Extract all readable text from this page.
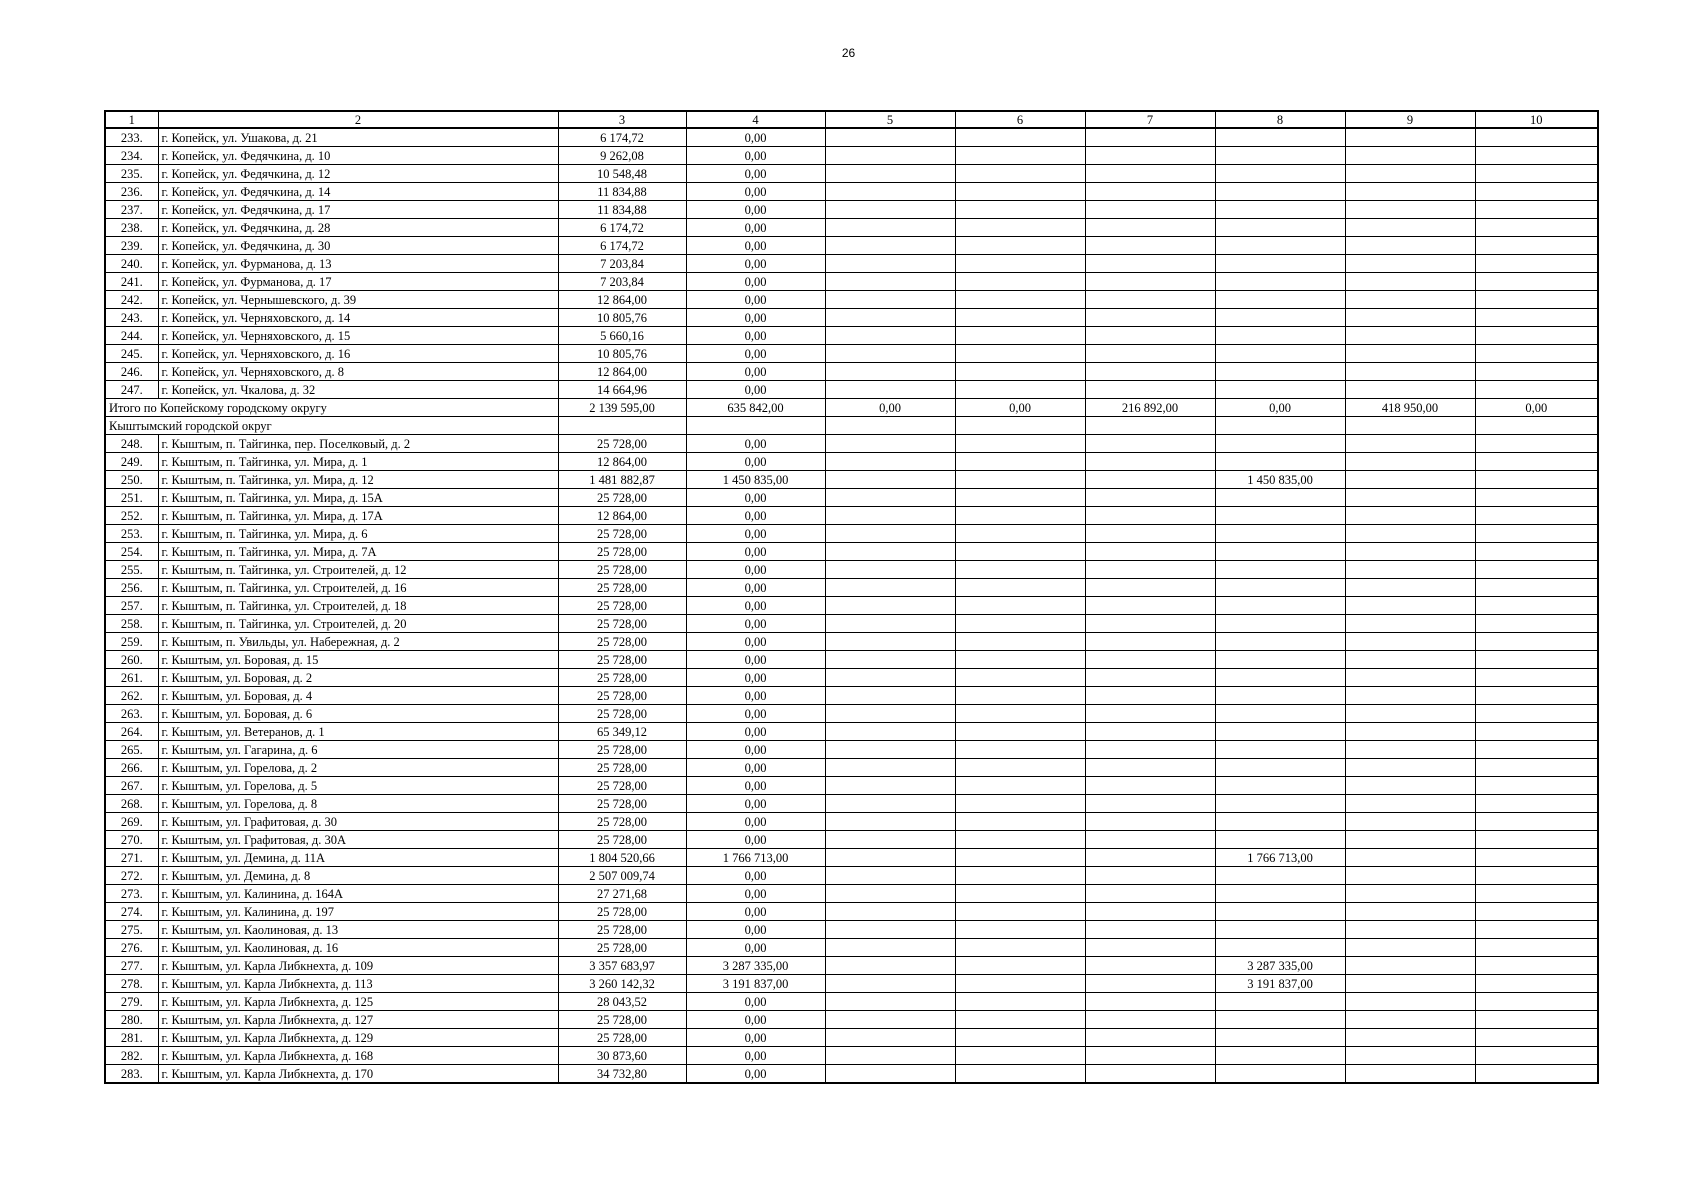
26
1	2	3	4	5	6	7	8	9	10
233.	г. Копейск, ул. Ушакова, д. 21	6 174,72	0,00						
234.	г. Копейск, ул. Федячкина, д. 10	9 262,08	0,00						
235.	г. Копейск, ул. Федячкина, д. 12	10 548,48	0,00						
236.	г. Копейск, ул. Федячкина, д. 14	11 834,88	0,00						
237.	г. Копейск, ул. Федячкина, д. 17	11 834,88	0,00						
238.	г. Копейск, ул. Федячкина, д. 28	6 174,72	0,00						
239.	г. Копейск, ул. Федячкина, д. 30	6 174,72	0,00						
240.	г. Копейск, ул. Фурманова, д. 13	7 203,84	0,00						
241.	г. Копейск, ул. Фурманова, д. 17	7 203,84	0,00						
242.	г. Копейск, ул. Чернышевского, д. 39	12 864,00	0,00						
243.	г. Копейск, ул. Черняховского, д. 14	10 805,76	0,00						
244.	г. Копейск, ул. Черняховского, д. 15	5 660,16	0,00						
245.	г. Копейск, ул. Черняховского, д. 16	10 805,76	0,00						
246.	г. Копейск, ул. Черняховского, д. 8	12 864,00	0,00						
247.	г. Копейск, ул. Чкалова, д. 32	14 664,96	0,00						
Итого по Копейскому городскому округу		2 139 595,00	635 842,00	0,00	0,00	216 892,00	0,00	418 950,00	0,00
Кыштымский городской округ									
248.	г. Кыштым, п. Тайгинка, пер. Поселковый, д. 2	25 728,00	0,00						
249.	г. Кыштым, п. Тайгинка, ул. Мира, д. 1	12 864,00	0,00						
250.	г. Кыштым, п. Тайгинка, ул. Мира, д. 12	1 481 882,87	1 450 835,00				1 450 835,00		
251.	г. Кыштым, п. Тайгинка, ул. Мира, д. 15А	25 728,00	0,00						
252.	г. Кыштым, п. Тайгинка, ул. Мира, д. 17А	12 864,00	0,00						
253.	г. Кыштым, п. Тайгинка, ул. Мира, д. 6	25 728,00	0,00						
254.	г. Кыштым, п. Тайгинка, ул. Мира, д. 7А	25 728,00	0,00						
255.	г. Кыштым, п. Тайгинка, ул. Строителей, д. 12	25 728,00	0,00						
256.	г. Кыштым, п. Тайгинка, ул. Строителей, д. 16	25 728,00	0,00						
257.	г. Кыштым, п. Тайгинка, ул. Строителей, д. 18	25 728,00	0,00						
258.	г. Кыштым, п. Тайгинка, ул. Строителей, д. 20	25 728,00	0,00						
259.	г. Кыштым, п. Увильды, ул. Набережная, д. 2	25 728,00	0,00						
260.	г. Кыштым, ул. Боровая, д. 15	25 728,00	0,00						
261.	г. Кыштым, ул. Боровая, д. 2	25 728,00	0,00						
262.	г. Кыштым, ул. Боровая, д. 4	25 728,00	0,00						
263.	г. Кыштым, ул. Боровая, д. 6	25 728,00	0,00						
264.	г. Кыштым, ул. Ветеранов, д. 1	65 349,12	0,00						
265.	г. Кыштым, ул. Гагарина, д. 6	25 728,00	0,00						
266.	г. Кыштым, ул. Горелова, д. 2	25 728,00	0,00						
267.	г. Кыштым, ул. Горелова, д. 5	25 728,00	0,00						
268.	г. Кыштым, ул. Горелова, д. 8	25 728,00	0,00						
269.	г. Кыштым, ул. Графитовая, д. 30	25 728,00	0,00						
270.	г. Кыштым, ул. Графитовая, д. 30А	25 728,00	0,00						
271.	г. Кыштым, ул. Демина, д. 11А	1 804 520,66	1 766 713,00				1 766 713,00		
272.	г. Кыштым, ул. Демина, д. 8	2 507 009,74	0,00						
273.	г. Кыштым, ул. Калинина, д. 164А	27 271,68	0,00						
274.	г. Кыштым, ул. Калинина, д. 197	25 728,00	0,00						
275.	г. Кыштым, ул. Каолиновая, д. 13	25 728,00	0,00						
276.	г. Кыштым, ул. Каолиновая, д. 16	25 728,00	0,00						
277.	г. Кыштым, ул. Карла Либкнехта, д. 109	3 357 683,97	3 287 335,00				3 287 335,00		
278.	г. Кыштым, ул. Карла Либкнехта, д. 113	3 260 142,32	3 191 837,00				3 191 837,00		
279.	г. Кыштым, ул. Карла Либкнехта, д. 125	28 043,52	0,00						
280.	г. Кыштым, ул. Карла Либкнехта, д. 127	25 728,00	0,00						
281.	г. Кыштым, ул. Карла Либкнехта, д. 129	25 728,00	0,00						
282.	г. Кыштым, ул. Карла Либкнехта, д. 168	30 873,60	0,00						
283.	г. Кыштым, ул. Карла Либкнехта, д. 170	34 732,80	0,00						
